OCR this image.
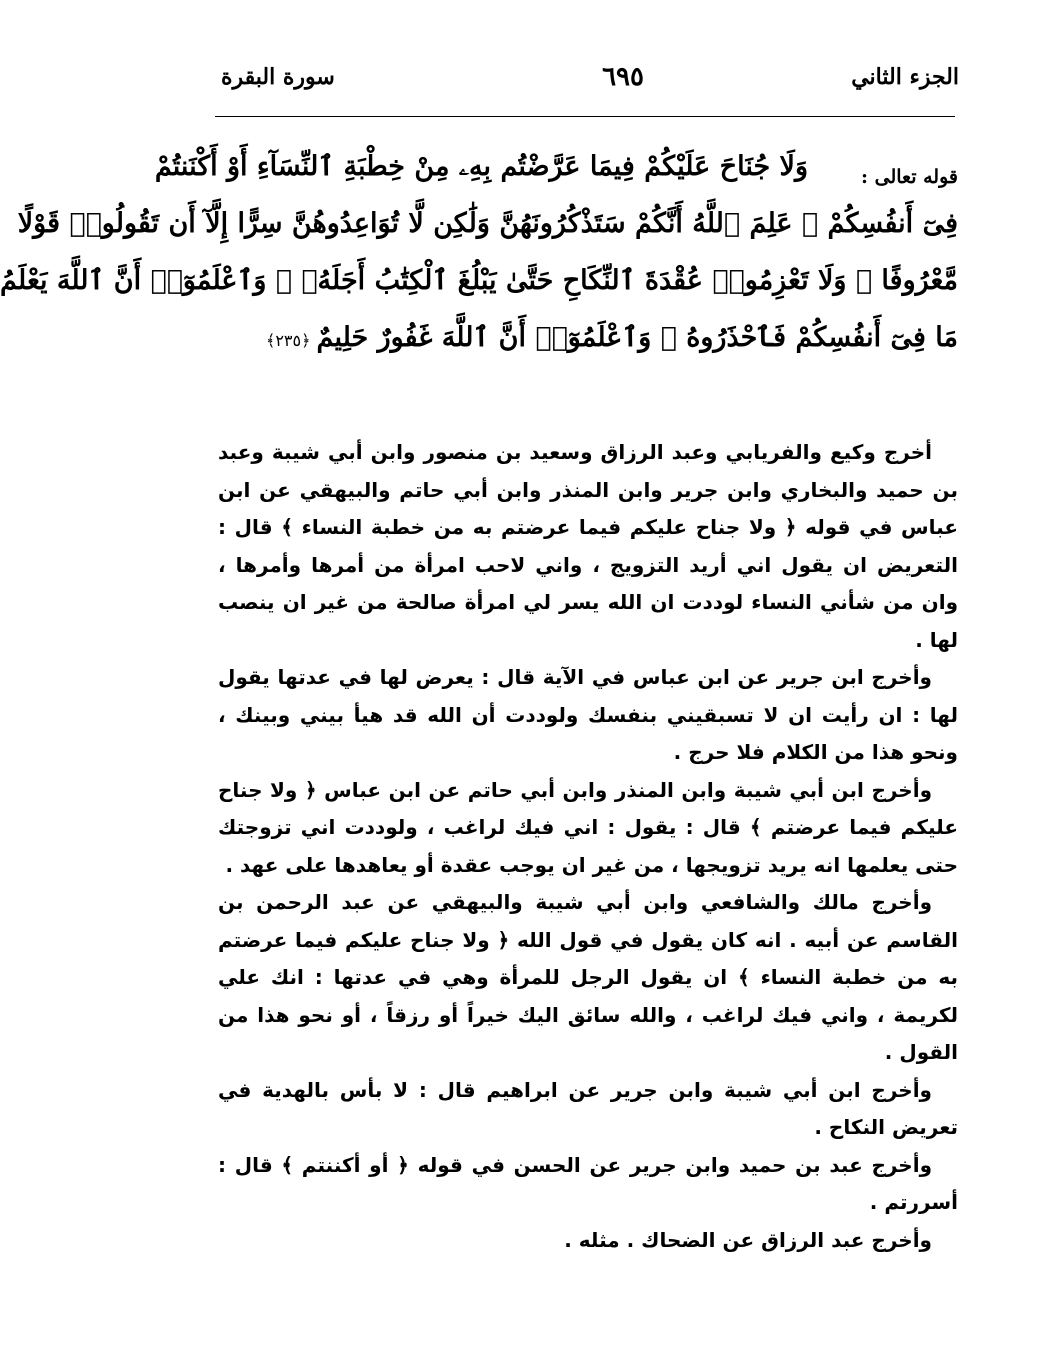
الجزء الثاني
٦٩٥
سورة البقرة
قوله تعالى :
وَلَا جُنَاحَ عَلَيْكُمْ فِيمَا عَرَّضْتُم بِهِۦ مِنْ خِطْبَةِ ٱلنِّسَآءِ أَوْ أَكْنَنتُمْ
فِىٓ أَنفُسِكُمْ ۚ عَلِمَ ٱللَّهُ أَنَّكُمْ سَتَذْكُرُونَهُنَّ وَلَٰكِن لَّا تُوَاعِدُوهُنَّ سِرًّا إِلَّآ أَن تَقُولُوا۟ قَوْلًا
مَّعْرُوفًا ۚ وَلَا تَعْزِمُوا۟ عُقْدَةَ ٱلنِّكَاحِ حَتَّىٰ يَبْلُغَ ٱلْكِتَٰبُ أَجَلَهُۥ ۚ وَٱعْلَمُوٓا۟ أَنَّ ٱللَّهَ يَعْلَمُ
مَا فِىٓ أَنفُسِكُمْ فَٱحْذَرُوهُ ۚ وَٱعْلَمُوٓا۟ أَنَّ ٱللَّهَ غَفُورٌ حَلِيمٌ﴿٢٣٥﴾

أخرج وكيع والفريابي وعبد الرزاق وسعيد بن منصور وابن أبي شيبة وعبد بن حميد والبخاري وابن جرير وابن المنذر وابن أبي حاتم والبيهقي عن ابن عباس في قوله ﴿ ولا جناح عليكم فيما عرضتم به من خطبة النساء ﴾ قال : التعريض ان يقول اني أريد التزويج ، واني لاحب امرأة من أمرها وأمرها ، وان من شأني النساء لوددت ان الله يسر لي امرأة صالحة من غير ان ينصب لها .

وأخرج ابن جرير عن ابن عباس في الآية قال : يعرض لها في عدتها يقول لها : ان رأيت ان لا تسبقيني بنفسك ولوددت أن الله قد هيأ بيني وبينك ، ونحو هذا من الكلام فلا حرج .

وأخرج ابن أبي شيبة وابن المنذر وابن أبي حاتم عن ابن عباس ﴿ ولا جناح عليكم فيما عرضتم ﴾ قال : يقول : اني فيك لراغب ، ولوددت اني تزوجتك حتى يعلمها انه يريد تزويجها ، من غير ان يوجب عقدة أو يعاهدها على عهد .

وأخرج مالك والشافعي وابن أبي شيبة والبيهقي عن عبد الرحمن بن القاسم عن أبيه . انه كان يقول في قول الله ﴿ ولا جناح عليكم فيما عرضتم به من خطبة النساء ﴾ ان يقول الرجل للمرأة وهي في عدتها : انك علي لكريمة ، واني فيك لراغب ، والله سائق اليك خيراً أو رزقاً ، أو نحو هذا من القول .

وأخرج ابن أبي شيبة وابن جرير عن ابراهيم قال : لا بأس بالهدية في تعريض النكاح .

وأخرج عبد بن حميد وابن جرير عن الحسن في قوله ﴿ أو أكننتم ﴾ قال : أسررتم .

وأخرج عبد الرزاق عن الضحاك . مثله .
